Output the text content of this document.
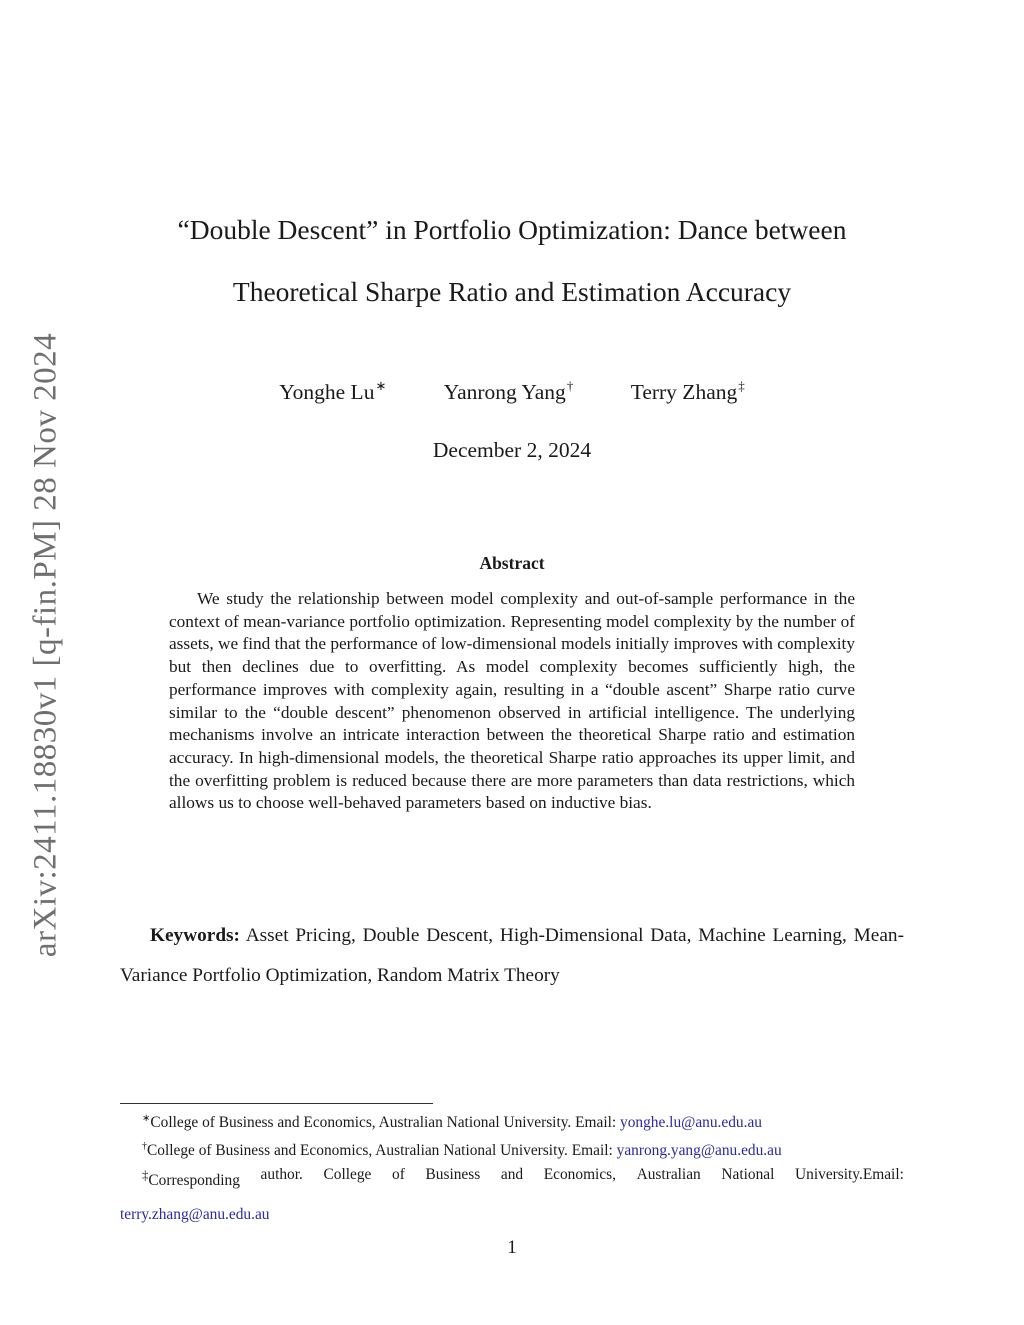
arXiv:2411.18830v1 [q-fin.PM] 28 Nov 2024
“Double Descent” in Portfolio Optimization: Dance between
Theoretical Sharpe Ratio and Estimation Accuracy
Yonghe Lu∗	Yanrong Yang†	Terry Zhang‡
December 2, 2024
Abstract
We study the relationship between model complexity and out-of-sample performance in the context of mean-variance portfolio optimization. Representing model complexity by the number of assets, we find that the performance of low-dimensional models initially improves with complexity but then declines due to overfitting. As model complexity becomes sufficiently high, the performance improves with complexity again, resulting in a “double ascent” Sharpe ratio curve similar to the “double descent” phenomenon observed in artificial intelligence. The underlying mechanisms involve an intricate interaction between the theoretical Sharpe ratio and estimation accuracy. In high-dimensional models, the theoretical Sharpe ratio approaches its upper limit, and the overfitting problem is reduced because there are more parameters than data restrictions, which allows us to choose well-behaved parameters based on inductive bias.
Keywords: Asset Pricing, Double Descent, High-Dimensional Data, Machine Learning, Mean-Variance Portfolio Optimization, Random Matrix Theory
∗College of Business and Economics, Australian National University. Email: yonghe.lu@anu.edu.au
†College of Business and Economics, Australian National University. Email: yanrong.yang@anu.edu.au
‡Corresponding author. College of Business and Economics, Australian National University.Email:
terry.zhang@anu.edu.au
1
